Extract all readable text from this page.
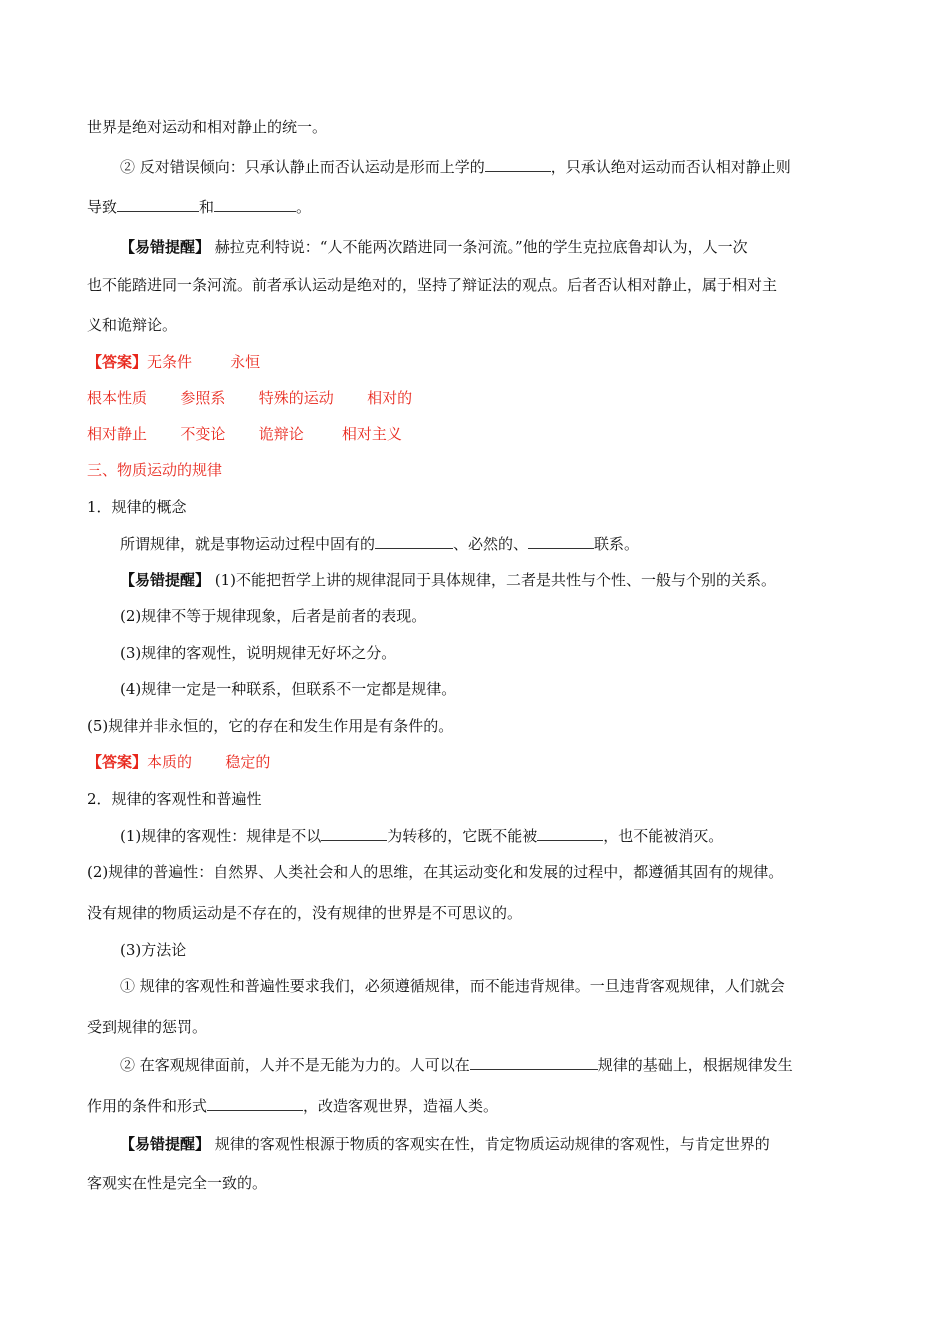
世界是绝对运动和相对静止的统一。
② 反对错误倾向：只承认静止而否认运动是形而上学的	，只承认绝对运动而否认相对静止则
导致	和	。
【易错提醒】 赫拉克利特说：“人不能两次踏进同一条河流。”他的学生克拉底鲁却认为，人一次
也不能踏进同一条河流。前者承认运动是绝对的，坚持了辩证法的观点。后者否认相对静止，属于相对主
义和诡辩论。
【答案】无条件        永恒
根本性质       参照系       特殊的运动       相对的
相对静止       不变论       诡辩论        相对主义
三、物质运动的规律
1．规律的概念
所谓规律，就是事物运动过程中固有的	、必然的、	联系。
【易错提醒】 (1)不能把哲学上讲的规律混同于具体规律，二者是共性与个性、一般与个别的关系。
(2)规律不等于规律现象，后者是前者的表现。
(3)规律的客观性，说明规律无好坏之分。
(4)规律一定是一种联系，但联系不一定都是规律。
(5)规律并非永恒的，它的存在和发生作用是有条件的。
【答案】本质的       稳定的
2．规律的客观性和普遍性
(1)规律的客观性：规律是不以	为转移的，它既不能被	，也不能被消灭。
(2)规律的普遍性：自然界、人类社会和人的思维，在其运动变化和发展的过程中，都遵循其固有的规律。
没有规律的物质运动是不存在的，没有规律的世界是不可思议的。
(3)方法论
① 规律的客观性和普遍性要求我们，必须遵循规律，而不能违背规律。一旦违背客观规律，人们就会
受到规律的惩罚。
② 在客观规律面前，人并不是无能为力的。人可以在	规律的基础上，根据规律发生
作用的条件和形式	，改造客观世界，造福人类。
【易错提醒】 规律的客观性根源于物质的客观实在性，肯定物质运动规律的客观性，与肯定世界的
客观实在性是完全一致的。
